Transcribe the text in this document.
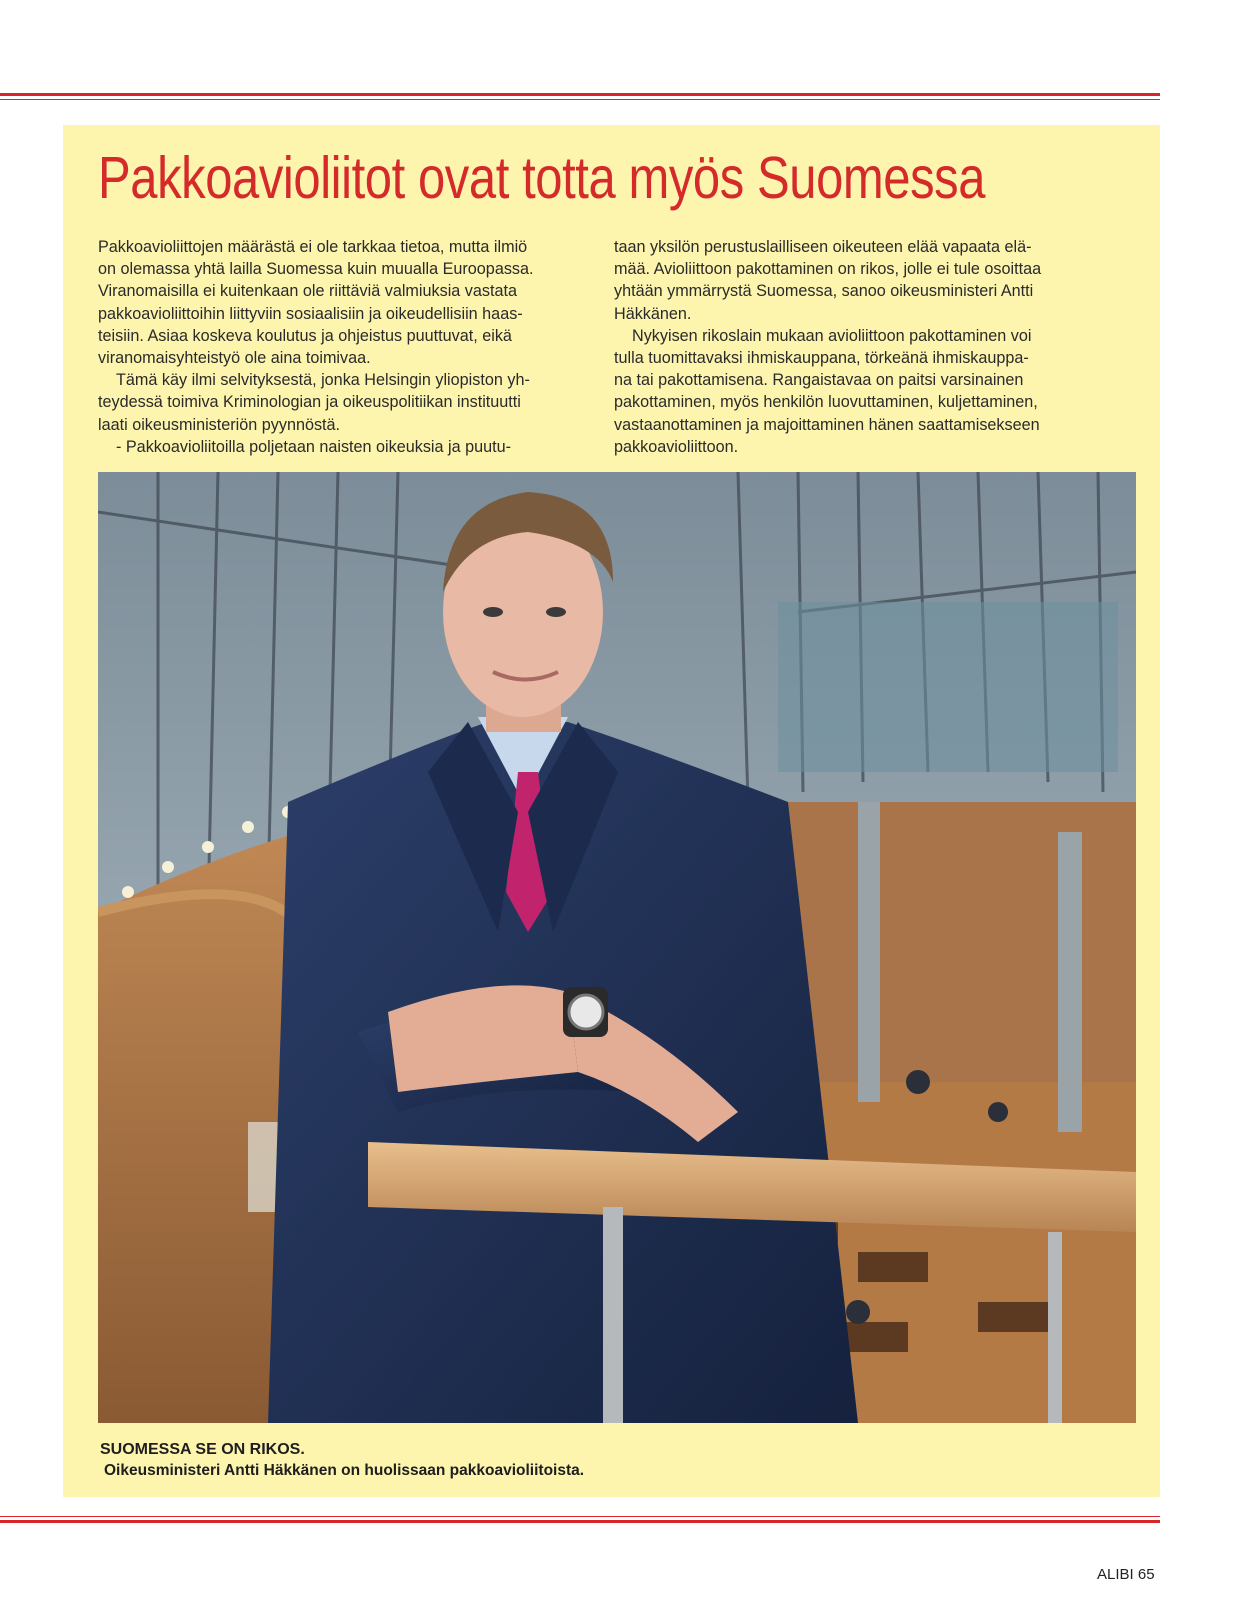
Pakkoavioliitot ovat totta myös Suomessa

Pakkoavioliittojen määrästä ei ole tarkkaa tietoa, mutta ilmiö

on olemassa yhtä lailla Suomessa kuin muualla Euroopassa.

Viranomaisilla ei kuitenkaan ole riittäviä valmiuksia vastata

pakkoavioliittoihin liittyviin sosiaalisiin ja oikeudellisiin haas-

teisiin. Asiaa koskeva koulutus ja ohjeistus puuttuvat, eikä

viranomaisyhteistyö ole aina toimivaa.

Tämä käy ilmi selvityksestä, jonka Helsingin yliopiston yh-

teydessä toimiva Kriminologian ja oikeuspolitiikan instituutti

laati oikeusministeriön pyynnöstä.

- Pakkoavioliitoilla poljetaan naisten oikeuksia ja puutu-

taan yksilön perustuslailliseen oikeuteen elää vapaata elä-

mää. Avioliittoon pakottaminen on rikos, jolle ei tule osoittaa

yhtään ymmärrystä Suomessa, sanoo oikeusministeri Antti

Häkkänen.

Nykyisen rikoslain mukaan avioliittoon pakottaminen voi

tulla tuomittavaksi ihmiskauppana, törkeänä ihmiskauppa-

na tai pakottamisena. Rangaistavaa on paitsi varsinainen

pakottaminen, myös henkilön luovuttaminen, kuljettaminen,

vastaanottaminen ja majoittaminen hänen saattamisekseen

pakkoavioliittoon.

SUOMESSA SE ON RIKOS.

Oikeusministeri Antti Häkkänen on huolissaan pakkoavioliitoista.

ALIBI 65
